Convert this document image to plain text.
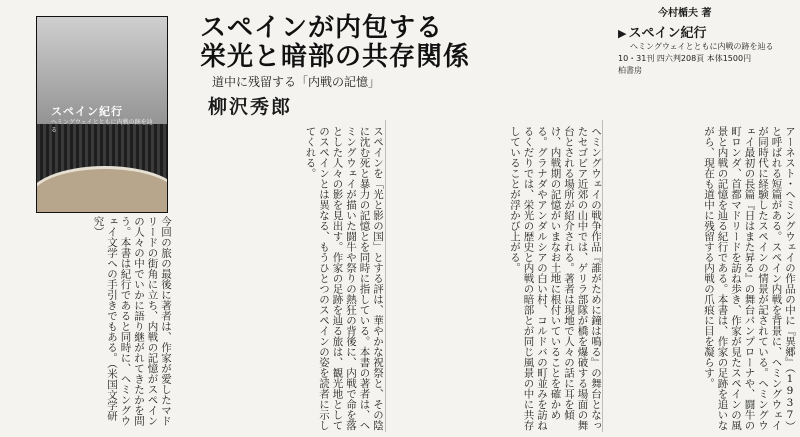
スペイン紀行
ヘミングウェイとともに内戦の跡を辿る
スペインが内包する
栄光と暗部の共存関係
道中に残留する「内戦の記憶」
柳沢秀郎
今村楯夫 著
▶ スペイン紀行
ヘミングウェイとともに内戦の跡を辿る
10・31刊 四六判208頁 本体1500円
柏書房
アーネスト・ヘミングウェイの作品の中に『異郷』（1937）と呼ばれる短篇がある。スペイン内戦を背景に、ヘミングウェイが同時代に経験したスペインの情景が記されている。ヘミングウェイ最初の長篇『日はまた昇る』の舞台パンプローナや、闘牛の町ロンダ、首都マドリードを訪ね歩き、作家が見たスペインの風景と内戦の記憶を辿る紀行である。本書は、作家の足跡を追いながら、現在も道中に残留する内戦の爪痕に目を凝らす。
ヘミングウェイの戦争作品『誰がために鐘は鳴る』の舞台となったセゴビア近郊の山中では、ゲリラ部隊が橋を爆破する場面の舞台とされる場所が紹介される。著者は現地で人々の話に耳を傾け、内戦期の記憶がいまなお土地に根付いていることを確かめる。グラナダやアンダルシアの白い村、コルドバの町並みを訪ねるくだりでは、栄光の歴史と内戦の暗部とが同じ風景の中に共存していることが浮かび上がる。
スペインを「光と影の国」とする評は、華やかな祝祭と、その陰に沈む死と暴力の記憶とを同時に指している。本書の著者は、ヘミングウェイが描いた闘牛や祭りの熱狂の背後に、内戦で命を落とした人々の影を見出す。作家の足跡を辿る旅は、観光地としてのスペインとは異なる、もうひとつのスペインの姿を読者に示してくれる。
今回の旅の最後に著者は、作家が愛したマドリードの街角に立ち、内戦の記憶がスペインの人々の中でいかに語り継がれてきたかを問う。本書は紀行であると同時に、ヘミングウェイ文学への手引きでもある。（米国文学研究）
